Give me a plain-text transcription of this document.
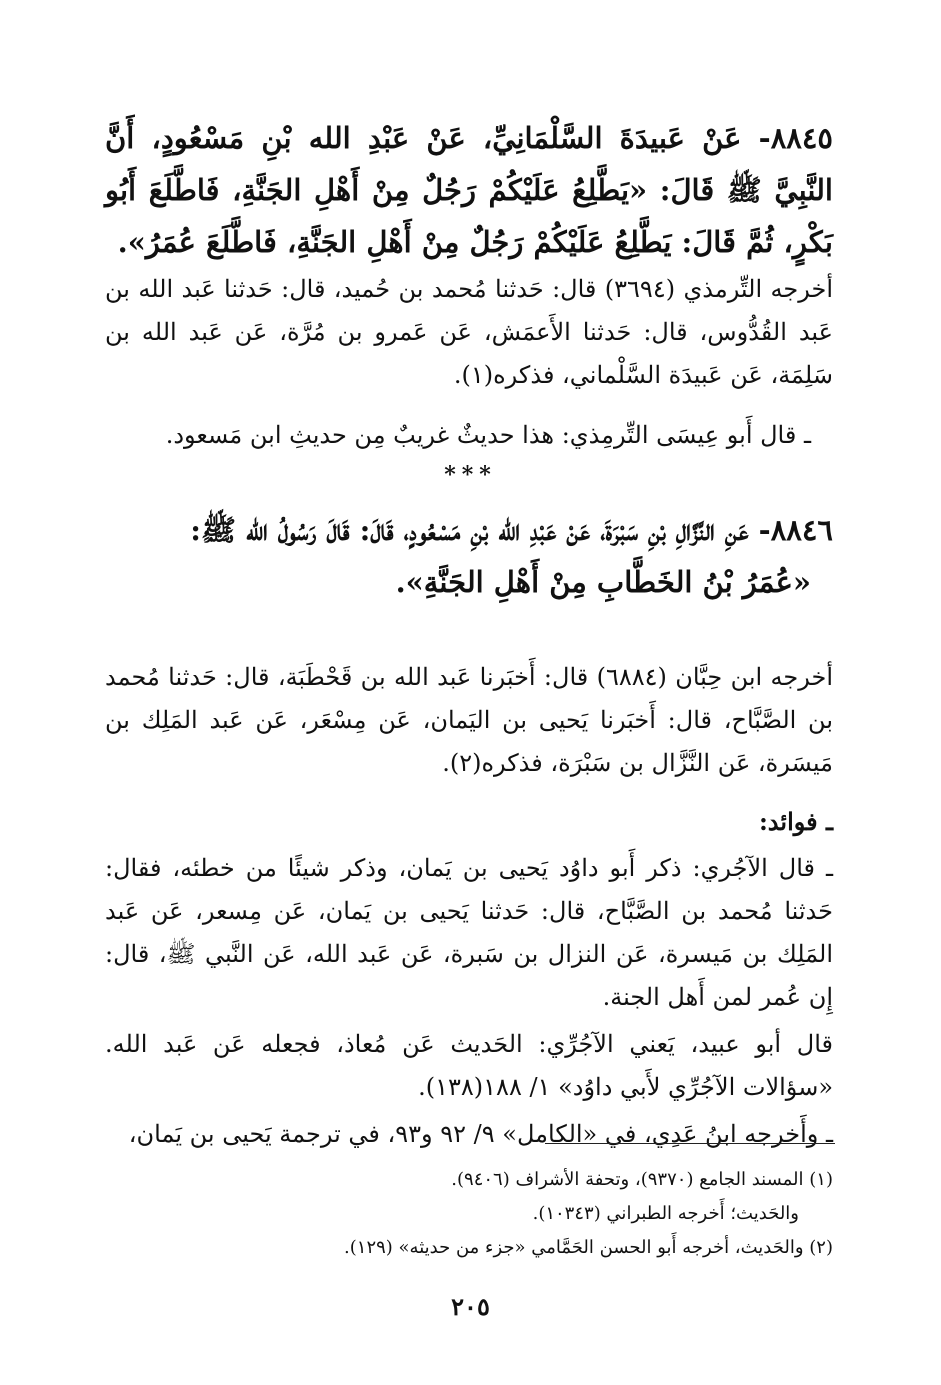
٨٨٤٥- عَنْ عَبيدَةَ السَّلْمَانِيِّ، عَنْ عَبْدِ الله بْنِ مَسْعُودٍ، أَنَّ النَّبِيَّ ﷺ قَالَ: «يَطَّلِعُ عَلَيْكُمْ رَجُلٌ مِنْ أَهْلِ الجَنَّةِ، فَاطَّلَعَ أَبُو بَكْرٍ، ثُمَّ قَالَ: يَطَّلِعُ عَلَيْكُمْ رَجُلٌ مِنْ أَهْلِ الجَنَّةِ، فَاطَّلَعَ عُمَرُ».
أخرجه التِّرمذي (٣٦٩٤) قال: حَدثنا مُحمد بن حُميد، قال: حَدثنا عَبد الله بن عَبد القُدُّوس، قال: حَدثنا الأَعمَش، عَن عَمرو بن مُرَّة، عَن عَبد الله بن سَلِمَة، عَن عَبيدَة السَّلْماني، فذكره(١).
ـ قال أَبو عِيسَى التِّرمِذي: هذا حديثٌ غريبٌ مِن حديثِ ابن مَسعود.
***
٨٨٤٦- عَنِ النَّزَّالِ بْنِ سَبْرَةَ، عَنْ عَبْدِ الله بْنِ مَسْعُودٍ، قَالَ: قَالَ رَسُولُ الله ﷺ:
«عُمَرُ بْنُ الخَطَّابِ مِنْ أَهْلِ الجَنَّةِ».
أخرجه ابن حِبَّان (٦٨٨٤) قال: أَخبَرنا عَبد الله بن قَحْطَبَة، قال: حَدثنا مُحمد بن الصَّبَّاح، قال: أَخبَرنا يَحيى بن اليَمان، عَن مِسْعَر، عَن عَبد المَلِك بن مَيسَرة، عَن النَّزَّال بن سَبْرَة، فذكره(٢).
ـ فوائد:
ـ قال الآجُري: ذكر أَبو داوُد يَحيى بن يَمان، وذكر شيئًا من خطئه، فقال: حَدثنا مُحمد بن الصَّبَّاح، قال: حَدثنا يَحيى بن يَمان، عَن مِسعر، عَن عَبد المَلِك بن مَيسرة، عَن النزال بن سَبرة، عَن عَبد الله، عَن النَّبي ﷺ، قال: إِن عُمر لمن أَهل الجنة.
قال أبو عبيد، يَعني الآجُرِّي: الحَديث عَن مُعاذ، فجعله عَن عَبد الله. «سؤالات الآجُرِّي لأَبي داوُد» ١/ ١٨٨(١٣٨).
ـ وأَخرجه ابنُ عَدِي، في «الكامل» ٩/ ٩٢ و٩٣، في ترجمة يَحيى بن يَمان،
(١) المسند الجامع (٩٣٧٠)، وتحفة الأشراف (٩٤٠٦).
والحَديث؛ أَخرجه الطبراني (١٠٣٤٣).
(٢) والحَديث، أخرجه أَبو الحسن الحَمَّامي «جزء من حديثه» (١٢٩).
٢٠٥
